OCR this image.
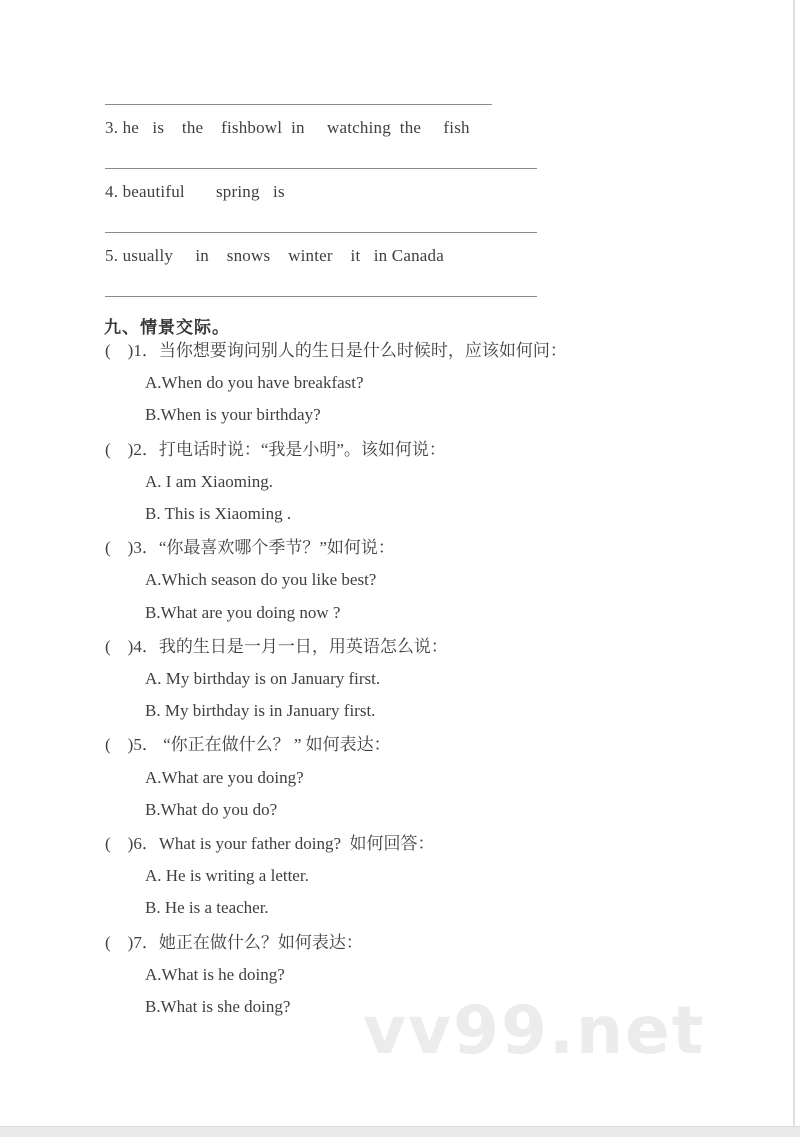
3. he   is    the    fishbowl  in     watching  the     fish
4. beautiful       spring   is
5. usually     in    snows    winter    it   in Canada
九、情景交际。
(    )1．当你想要询问别人的生日是什么时候时，应该如何问：
A.When do you have breakfast?
B.When is your birthday?
(    )2．打电话时说：“我是小明”。该如何说：
A. I am Xiaoming.
B. This is Xiaoming .
(    )3．“你最喜欢哪个季节？”如何说：
A.Which season do you like best?
B.What are you doing now ?
(    )4．我的生日是一月一日，用英语怎么说：
A. My birthday is on January first.
B. My birthday is in January first.
(    )5． “你正在做什么？ ” 如何表达：
A.What are you doing?
B.What do you do?
(    )6．What is your father doing?  如何回答：
A. He is writing a letter.
B. He is a teacher.
(    )7．她正在做什么？如何表达：
A.What is he doing?
B.What is she doing?	vv99.net
